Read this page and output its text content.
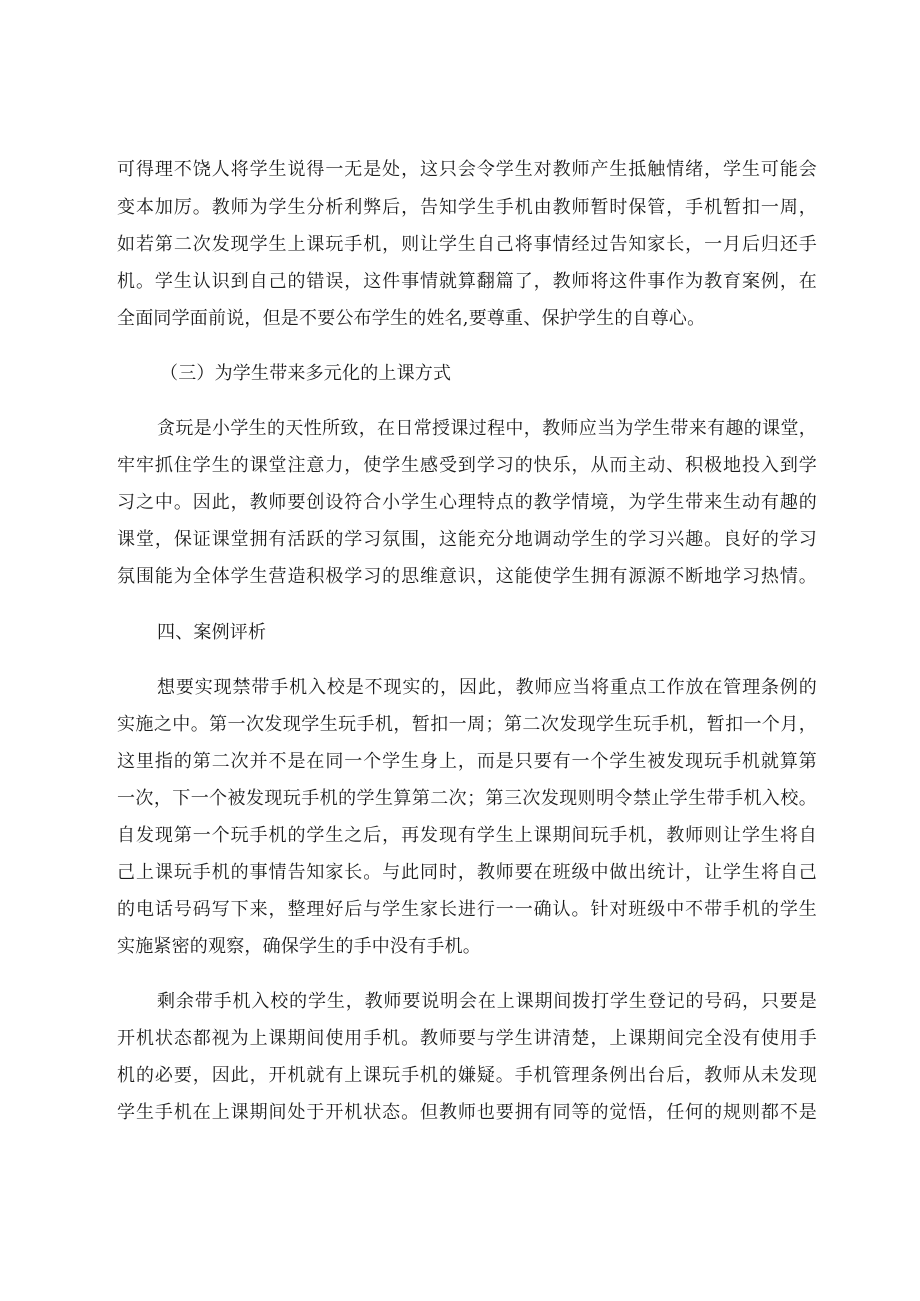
可得理不饶人将学生说得一无是处，这只会令学生对教师产生抵触情绪，学生可能会
变本加厉。教师为学生分析利弊后，告知学生手机由教师暂时保管，手机暂扣一周，
如若第二次发现学生上课玩手机，则让学生自己将事情经过告知家长，一月后归还手
机。学生认识到自己的错误，这件事情就算翻篇了，教师将这件事作为教育案例，在
全面同学面前说，但是不要公布学生的姓名,要尊重、保护学生的自尊心。
（三）为学生带来多元化的上课方式
贪玩是小学生的天性所致，在日常授课过程中，教师应当为学生带来有趣的课堂，
牢牢抓住学生的课堂注意力，使学生感受到学习的快乐，从而主动、积极地投入到学
习之中。因此，教师要创设符合小学生心理特点的教学情境，为学生带来生动有趣的
课堂，保证课堂拥有活跃的学习氛围，这能充分地调动学生的学习兴趣。良好的学习
氛围能为全体学生营造积极学习的思维意识，这能使学生拥有源源不断地学习热情。
四、案例评析
想要实现禁带手机入校是不现实的，因此，教师应当将重点工作放在管理条例的
实施之中。第一次发现学生玩手机，暂扣一周；第二次发现学生玩手机，暂扣一个月，
这里指的第二次并不是在同一个学生身上，而是只要有一个学生被发现玩手机就算第
一次，下一个被发现玩手机的学生算第二次；第三次发现则明令禁止学生带手机入校。
自发现第一个玩手机的学生之后，再发现有学生上课期间玩手机，教师则让学生将自
己上课玩手机的事情告知家长。与此同时，教师要在班级中做出统计，让学生将自己
的电话号码写下来，整理好后与学生家长进行一一确认。针对班级中不带手机的学生
实施紧密的观察，确保学生的手中没有手机。
剩余带手机入校的学生，教师要说明会在上课期间拨打学生登记的号码，只要是
开机状态都视为上课期间使用手机。教师要与学生讲清楚，上课期间完全没有使用手
机的必要，因此，开机就有上课玩手机的嫌疑。手机管理条例出台后，教师从未发现
学生手机在上课期间处于开机状态。但教师也要拥有同等的觉悟，任何的规则都不是
